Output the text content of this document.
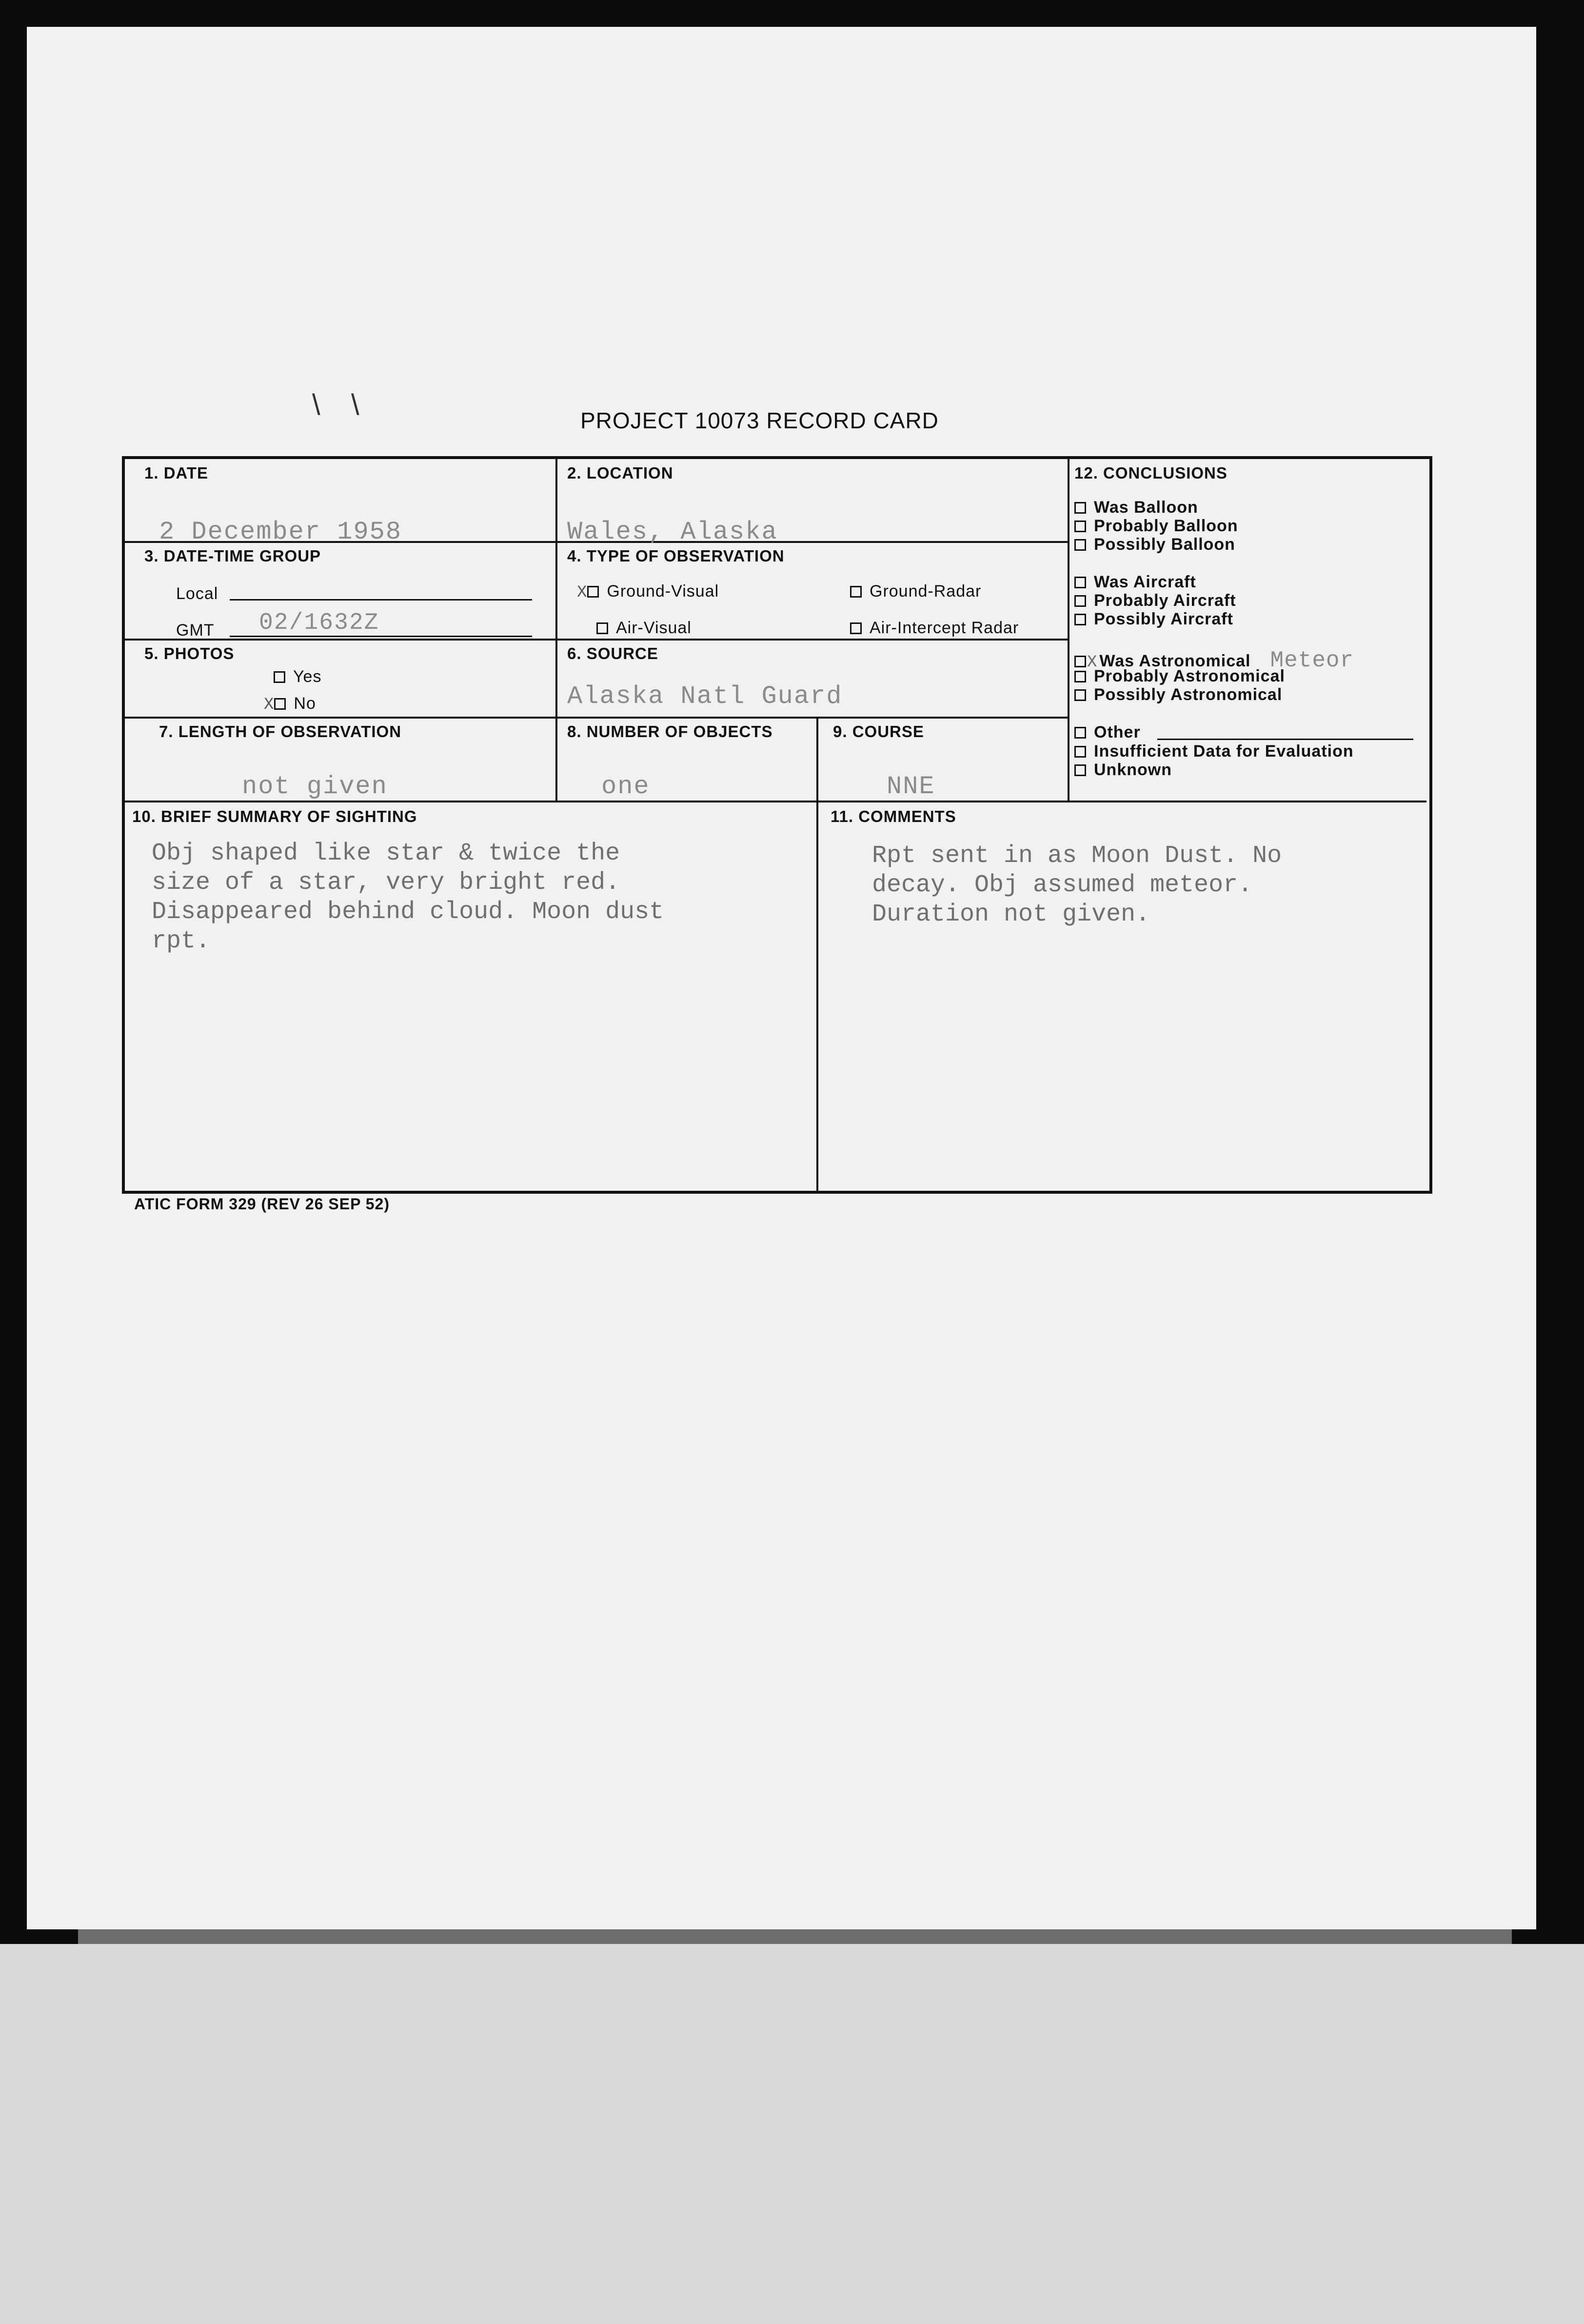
\ \	PROJECT 10073 RECORD CARD
1. DATE
2 December 1958
2. LOCATION
Wales, Alaska
3. DATE-TIME GROUP
Local
GMT 02/1632Z
4. TYPE OF OBSERVATION
X Ground-Visual	Ground-Radar
Air-Visual	Air-Intercept Radar
5. PHOTOS
Yes
X No
6. SOURCE
Alaska Natl Guard
7. LENGTH OF OBSERVATION
not given
8. NUMBER OF OBJECTS
one
9. COURSE
NNE
12. CONCLUSIONS
Was Balloon
Probably Balloon
Possibly Balloon
Was Aircraft
Probably Aircraft
Possibly Aircraft
X Was Astronomical Meteor
Probably Astronomical
Possibly Astronomical
Other
Insufficient Data for Evaluation
Unknown
10. BRIEF SUMMARY OF SIGHTING
Obj shaped like star & twice the
size of a star, very bright red.
Disappeared behind cloud. Moon dust
rpt.
11. COMMENTS
Rpt sent in as Moon Dust. No
decay. Obj assumed meteor.
Duration not given.
ATIC FORM 329 (REV 26 SEP 52)
